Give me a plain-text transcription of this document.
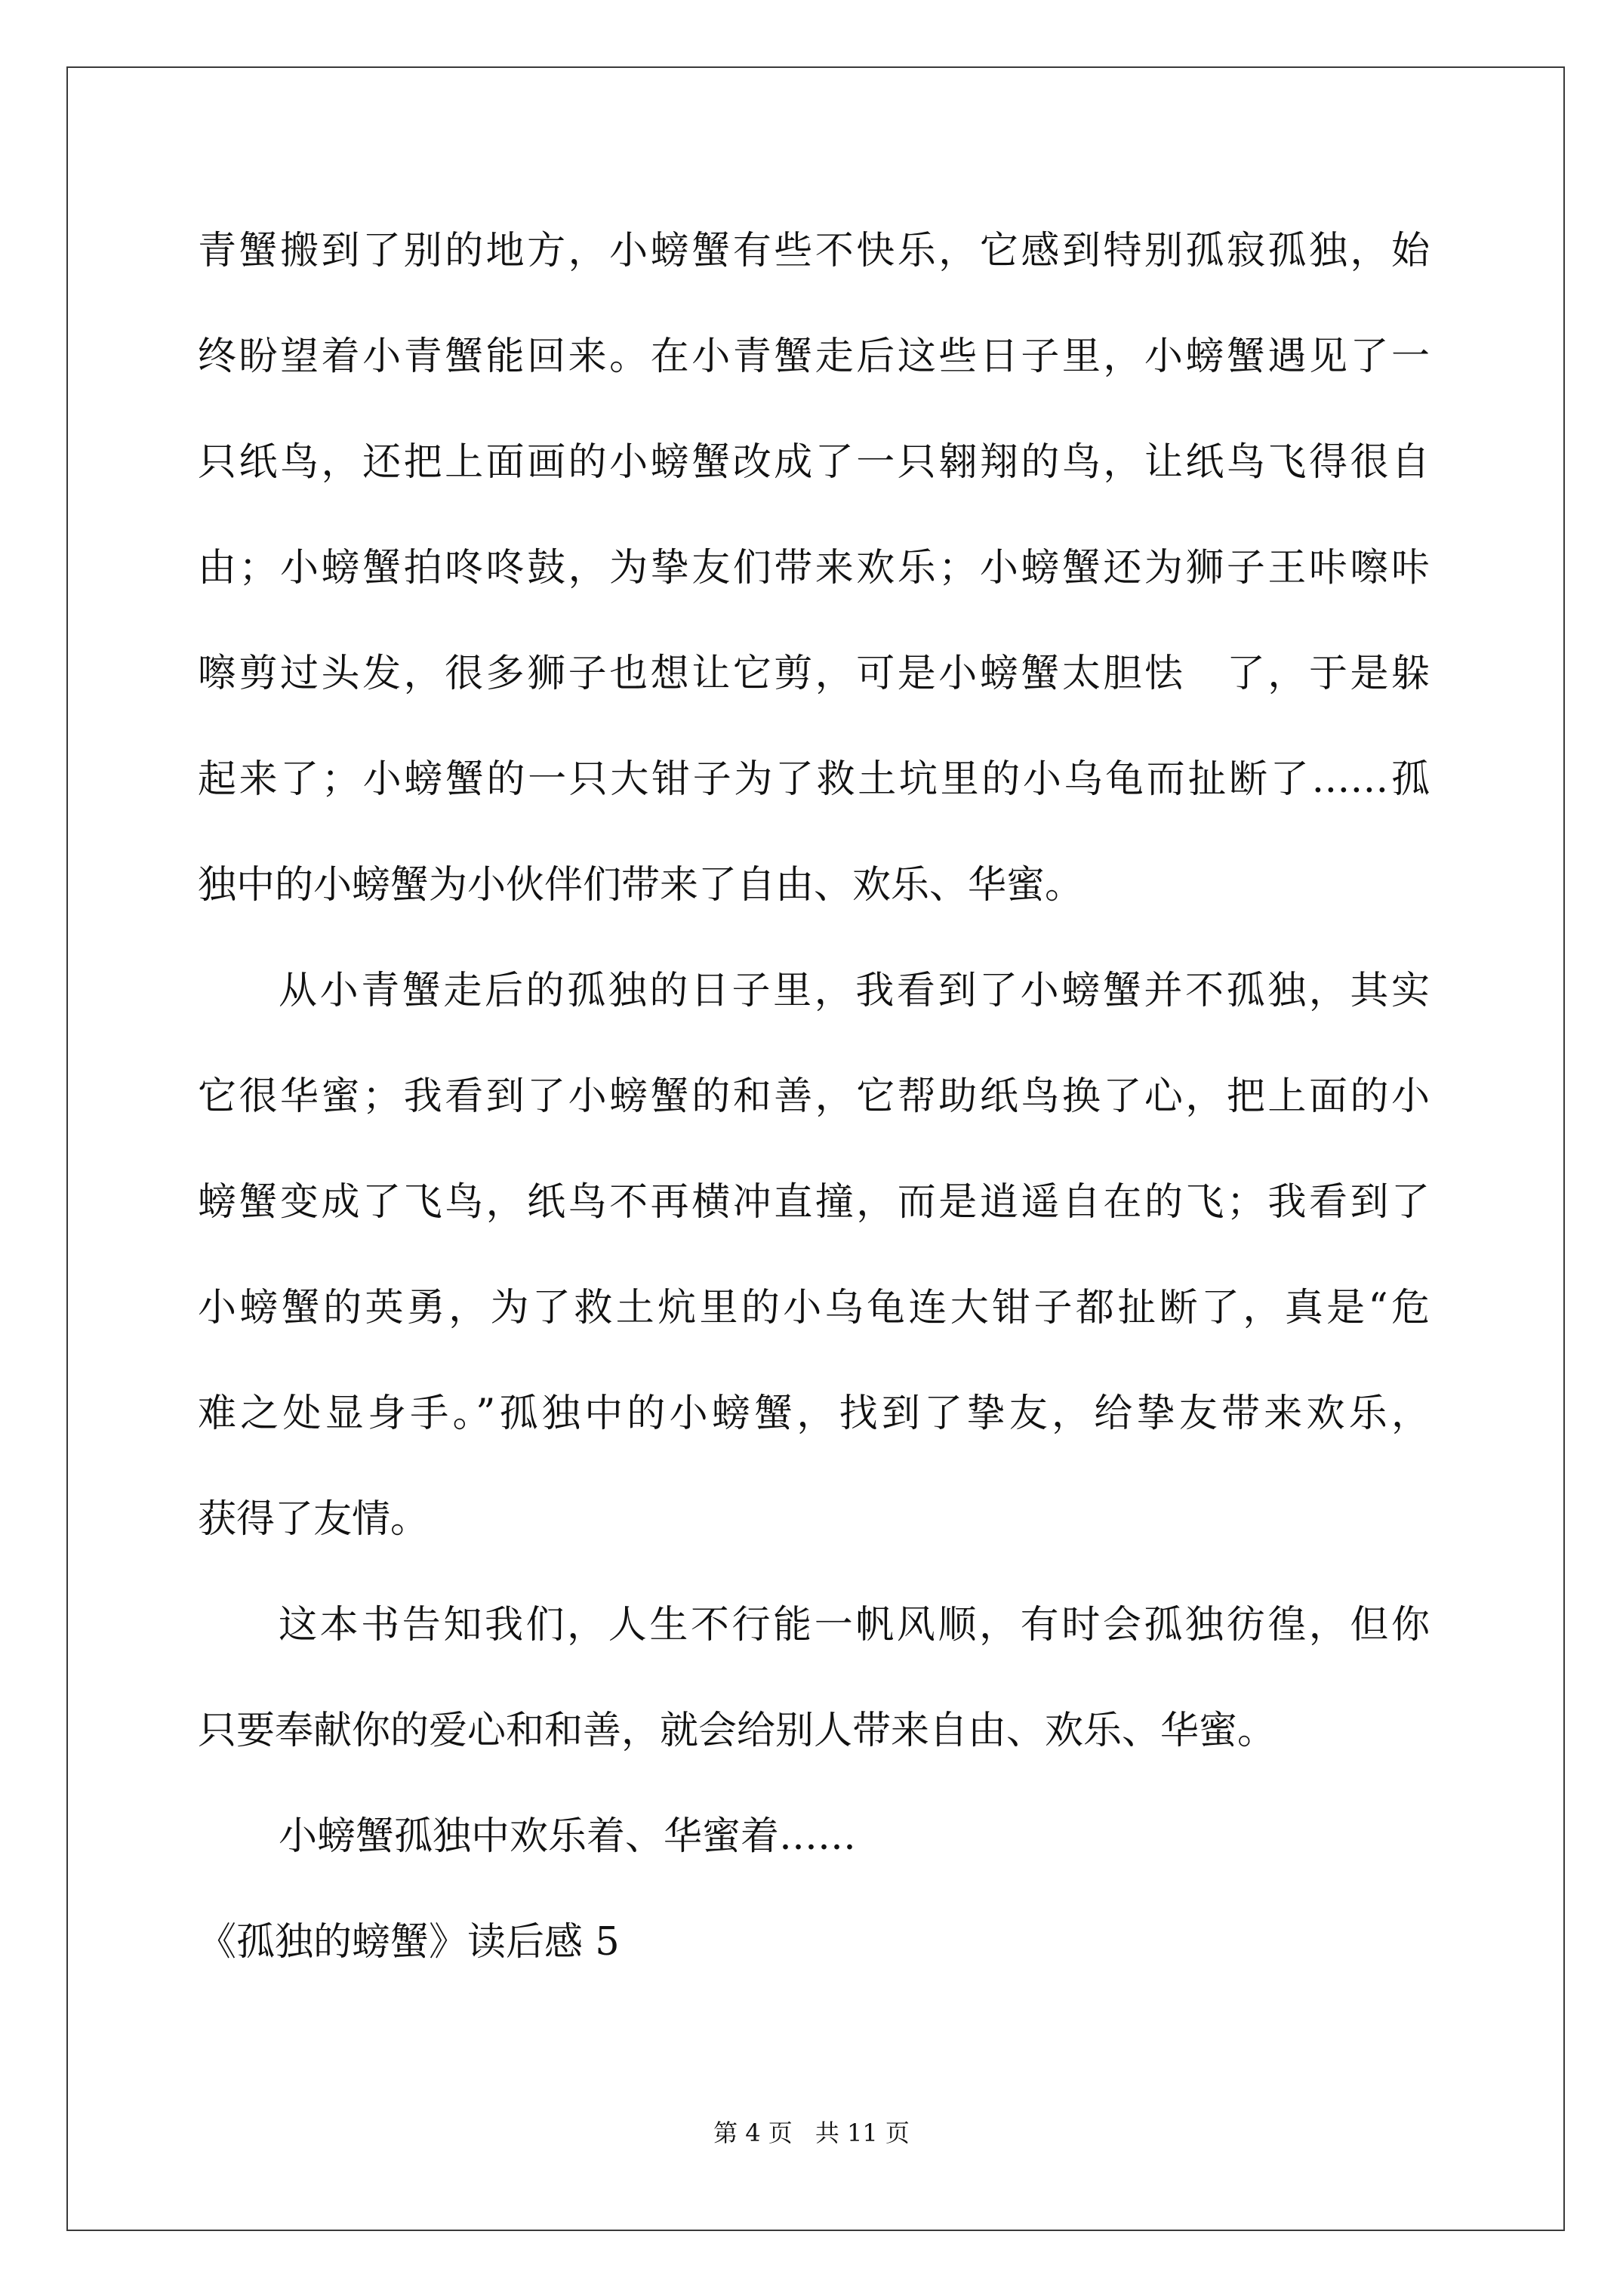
青蟹搬到了别的地方，小螃蟹有些不快乐，它感到特别孤寂孤独，始
终盼望着小青蟹能回来。在小青蟹走后这些日子里，小螃蟹遇见了一
只纸鸟，还把上面画的小螃蟹改成了一只翱翔的鸟，让纸鸟飞得很自
由；小螃蟹拍咚咚鼓，为挚友们带来欢乐；小螃蟹还为狮子王咔嚓咔
嚓剪过头发，很多狮子也想让它剪，可是小螃蟹太胆怯　了，于是躲
起来了；小螃蟹的一只大钳子为了救土坑里的小乌龟而扯断了……孤
独中的小螃蟹为小伙伴们带来了自由、欢乐、华蜜。
从小青蟹走后的孤独的日子里，我看到了小螃蟹并不孤独，其实
它很华蜜；我看到了小螃蟹的和善，它帮助纸鸟换了心，把上面的小
螃蟹变成了飞鸟，纸鸟不再横冲直撞，而是逍遥自在的飞；我看到了
小螃蟹的英勇，为了救土炕里的小乌龟连大钳子都扯断了，真是“危
难之处显身手。”孤独中的小螃蟹，找到了挚友，给挚友带来欢乐，
获得了友情。
这本书告知我们，人生不行能一帆风顺，有时会孤独彷徨，但你
只要奉献你的爱心和和善，就会给别人带来自由、欢乐、华蜜。
小螃蟹孤独中欢乐着、华蜜着……
《孤独的螃蟹》读后感 5
第 4 页 共 11 页
